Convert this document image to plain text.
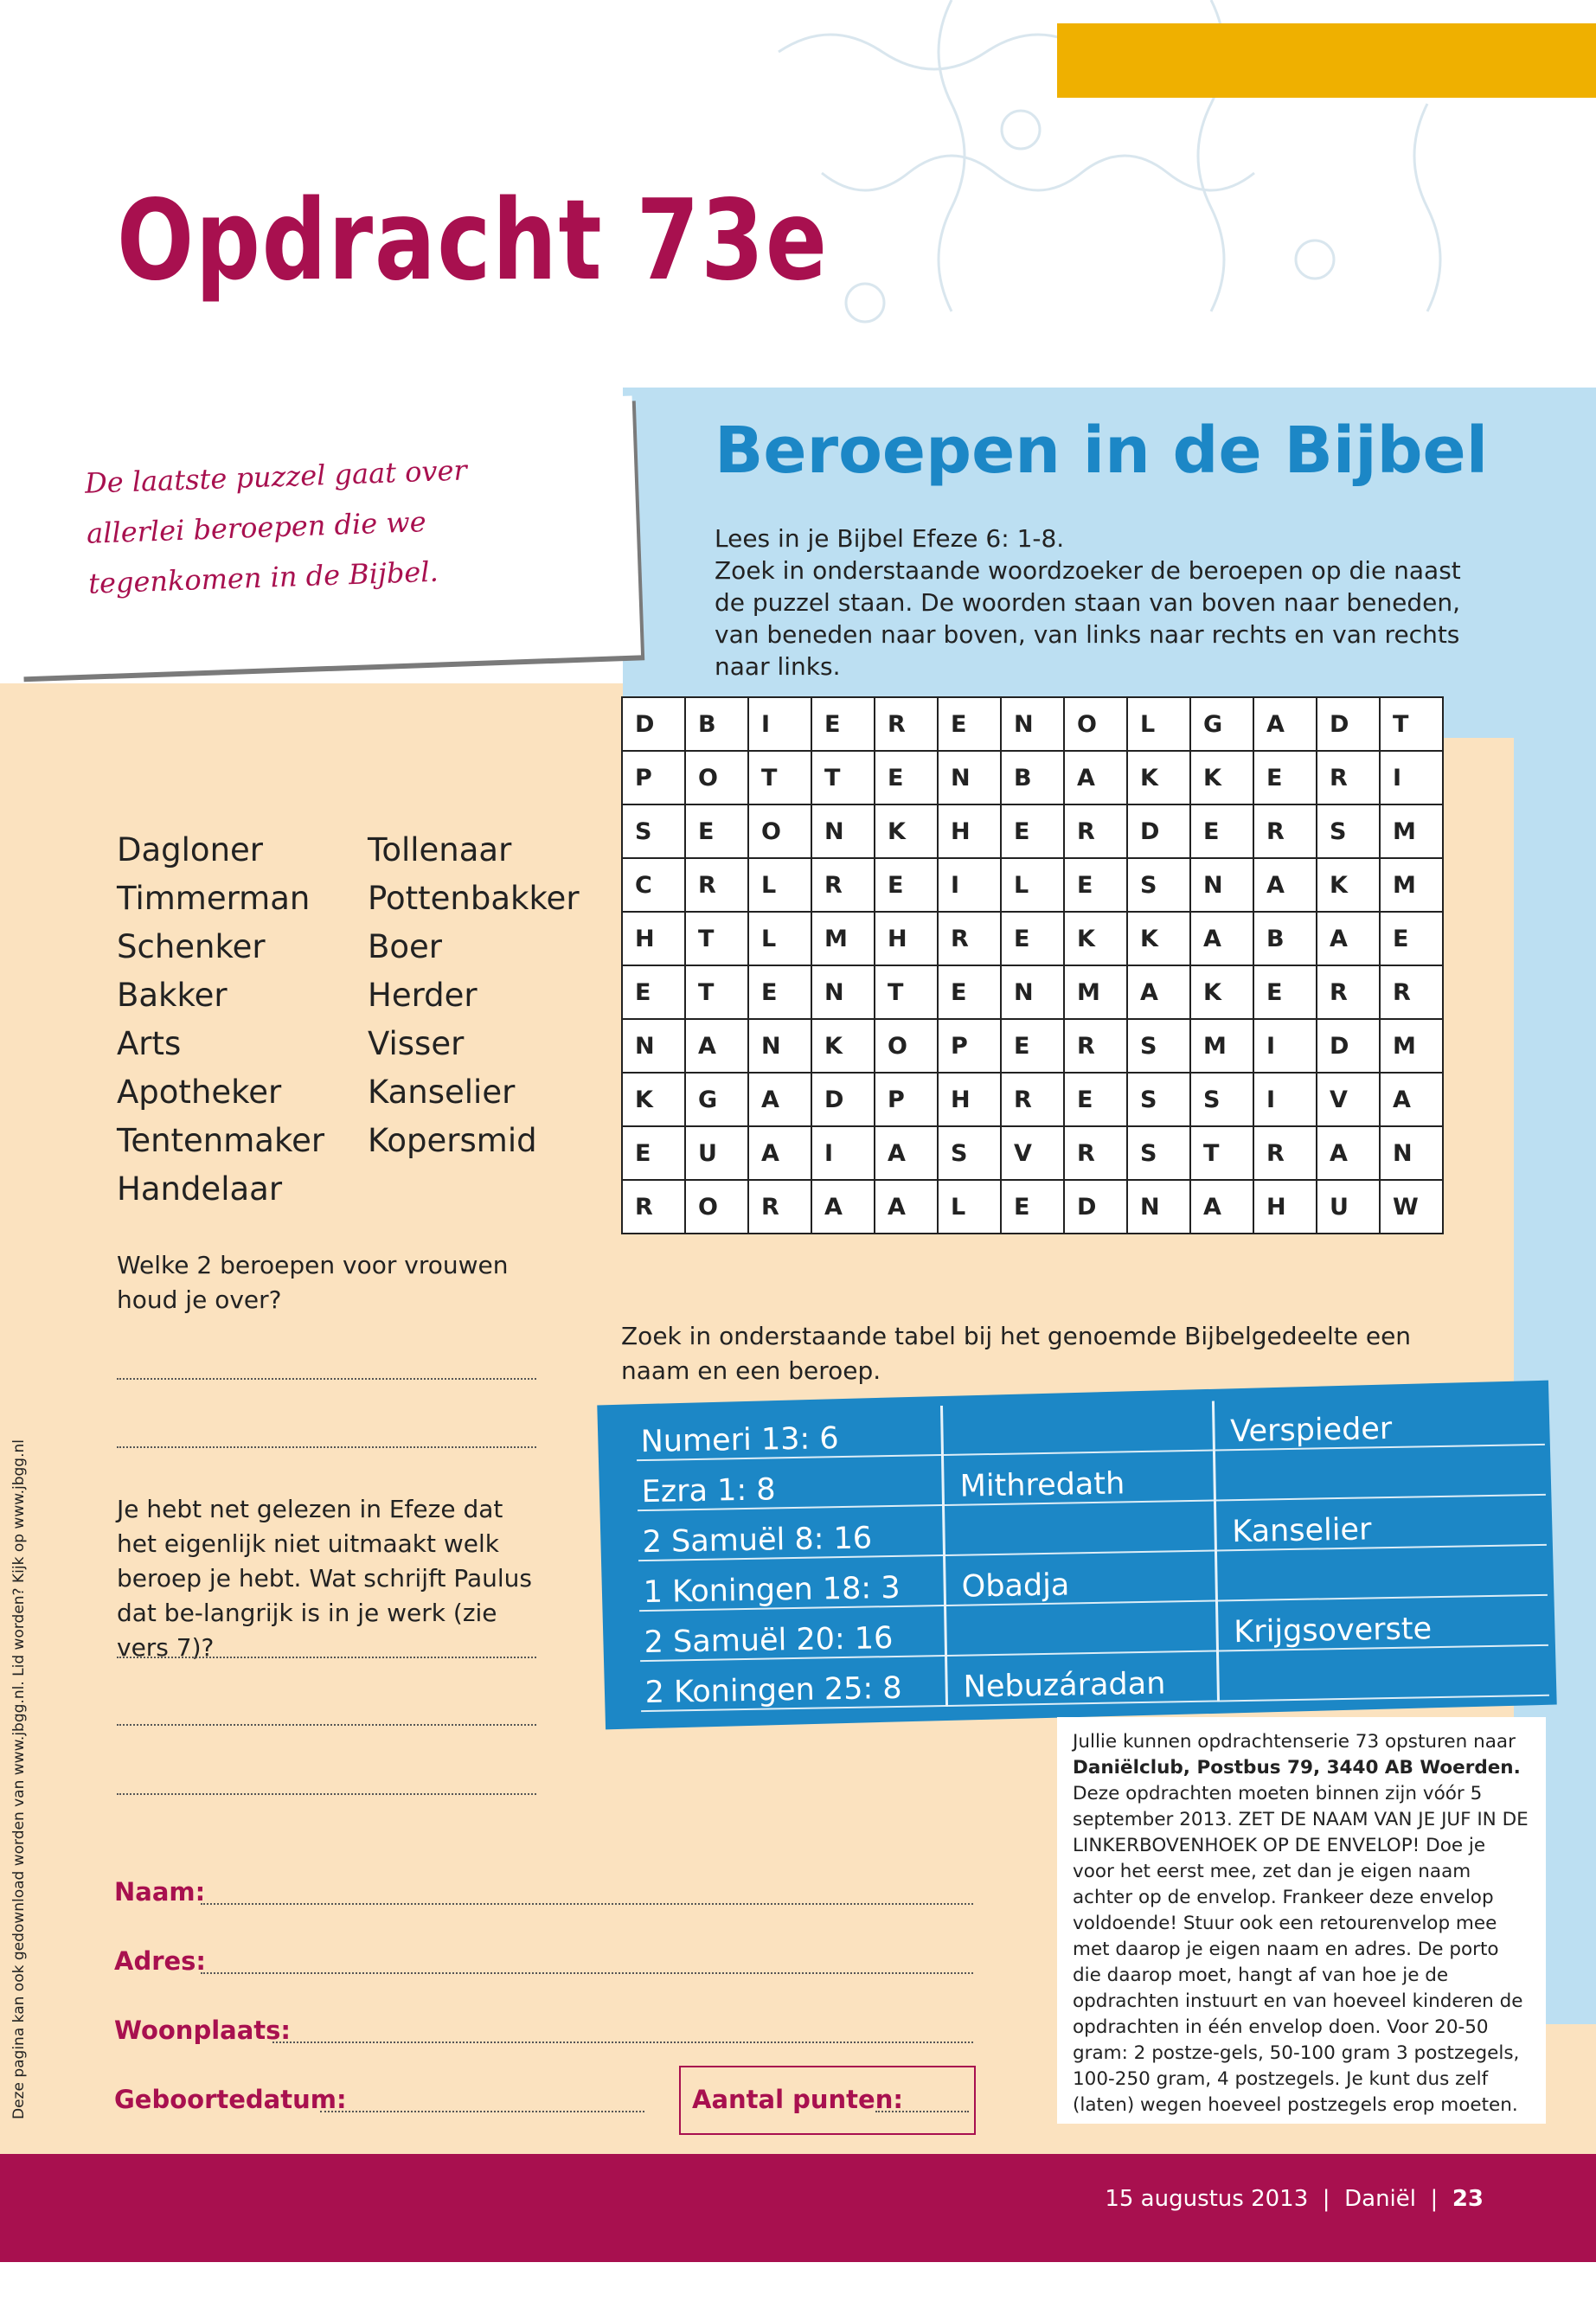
Opdracht 73e
De laatste puzzel gaat over allerlei beroepen die we tegenkomen in de Bijbel.
Beroepen in de Bijbel
Lees in je Bijbel Efeze 6: 1-8.
Zoek in onderstaande woordzoeker de beroepen op die naast de puzzel staan. De woorden staan van boven naar beneden, van beneden naar boven, van links naar rechts en van rechts naar links.
D	B	I	E	R	E	N	O	L	G	A	D	T
P	O	T	T	E	N	B	A	K	K	E	R	I
S	E	O	N	K	H	E	R	D	E	R	S	M
C	R	L	R	E	I	L	E	S	N	A	K	M
H	T	L	M	H	R	E	K	K	A	B	A	E
E	T	E	N	T	E	N	M	A	K	E	R	R
N	A	N	K	O	P	E	R	S	M	I	D	M
K	G	A	D	P	H	R	E	S	S	I	V	A
E	U	A	I	A	S	V	R	S	T	R	A	N
R	O	R	A	A	L	E	D	N	A	H	U	W
Dagloner	Tollenaar
Timmerman	Pottenbakker
Schenker	Boer
Bakker	Herder
Arts	Visser
Apotheker	Kanselier
Tentenmaker	Kopersmid
Handelaar
Welke 2 beroepen voor vrouwen houd je over?
Je hebt net gelezen in Efeze dat het eigenlijk niet uitmaakt welk beroep je hebt. Wat schrijft Paulus dat be-langrijk is in je werk (zie vers 7)?
Zoek in onderstaande tabel bij het genoemde Bijbelgedeelte een naam en een beroep.
Numeri 13: 6		Verspieder
Ezra 1: 8	Mithredath	
2 Samuël 8: 16		Kanselier
1 Koningen 18: 3	Obadja	
2 Samuël 20: 16		Krijgsoverste
2 Koningen 25: 8	Nebuzáradan	
Jullie kunnen opdrachtenserie 73 opsturen naar
Daniëlclub, Postbus 79, 3440 AB Woerden.
Deze opdrachten moeten binnen zijn vóór 5 september 2013. ZET DE NAAM VAN JE JUF IN DE LINKERBOVENHOEK OP DE ENVELOP! Doe je voor het eerst mee, zet dan je eigen naam achter op de envelop. Frankeer deze envelop voldoende! Stuur ook een retourenvelop mee met daarop je eigen naam en adres. De porto die daarop moet, hangt af van hoe je de opdrachten instuurt en van hoeveel kinderen de opdrachten in één envelop doen. Voor 20-50 gram: 2 postze-gels, 50-100 gram 3 postzegels, 100-250 gram, 4 postzegels. Je kunt dus zelf (laten) wegen hoeveel postzegels erop moeten.
Naam:
Adres:
Woonplaats:
Geboortedatum:	Aantal punten:
Deze pagina kan ook gedownload worden van www.jbgg.nl. Lid worden? Kijk op www.jbgg.nl
15 augustus 2013  |  Daniël  |  23
